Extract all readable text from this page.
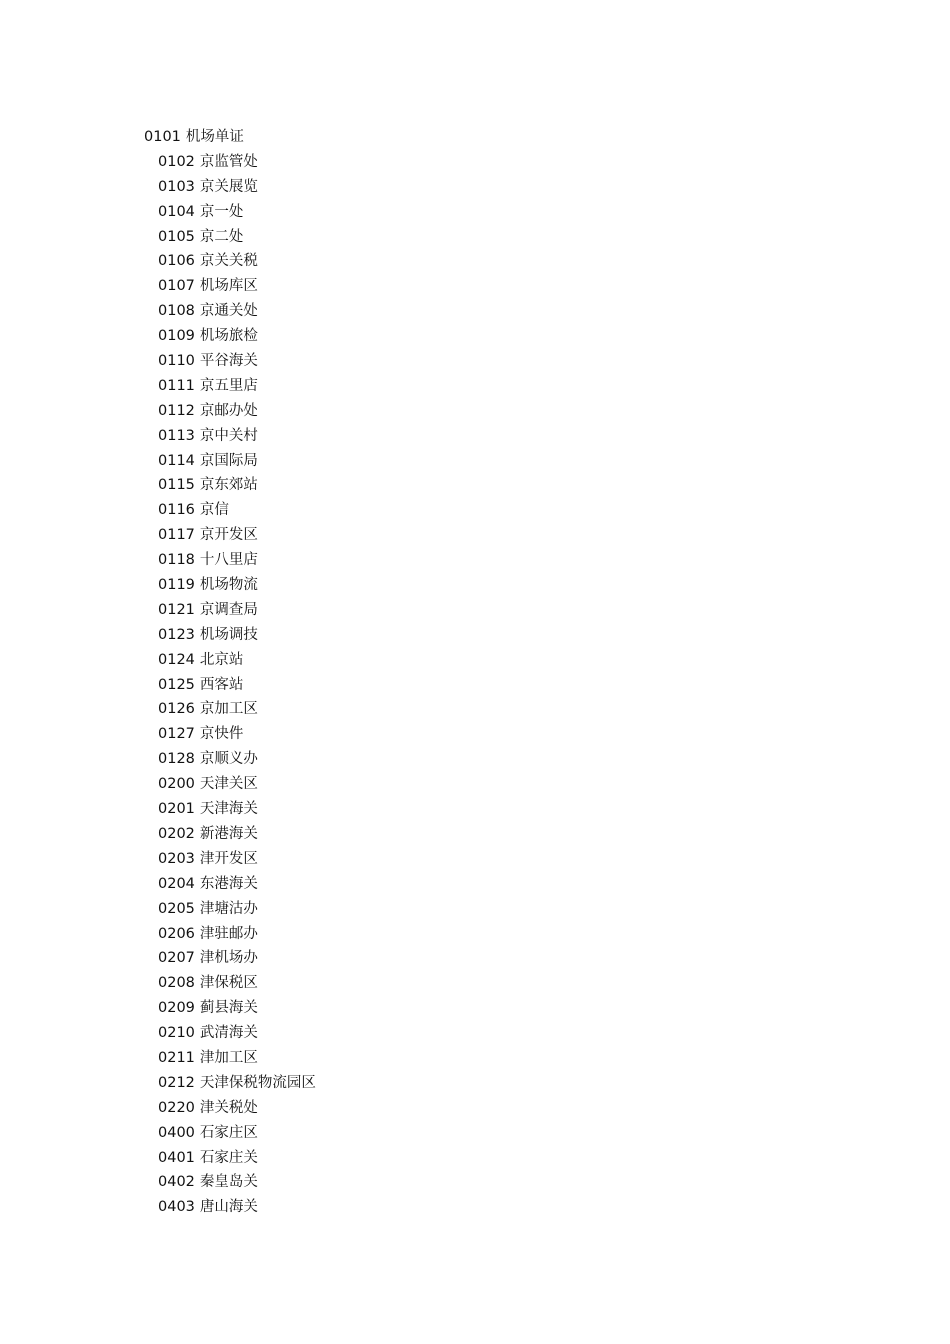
0101 机场单证
0102 京监管处
0103 京关展览
0104 京一处
0105 京二处
0106 京关关税
0107 机场库区
0108 京通关处
0109 机场旅检
0110 平谷海关
0111 京五里店
0112 京邮办处
0113 京中关村
0114 京国际局
0115 京东郊站
0116 京信
0117 京开发区
0118 十八里店
0119 机场物流
0121 京调查局
0123 机场调技
0124 北京站
0125 西客站
0126 京加工区
0127 京快件
0128 京顺义办
0200 天津关区
0201 天津海关
0202 新港海关
0203 津开发区
0204 东港海关
0205 津塘沽办
0206 津驻邮办
0207 津机场办
0208 津保税区
0209 蓟县海关
0210 武清海关
0211 津加工区
0212 天津保税物流园区
0220 津关税处
0400 石家庄区
0401 石家庄关
0402 秦皇岛关
0403 唐山海关
